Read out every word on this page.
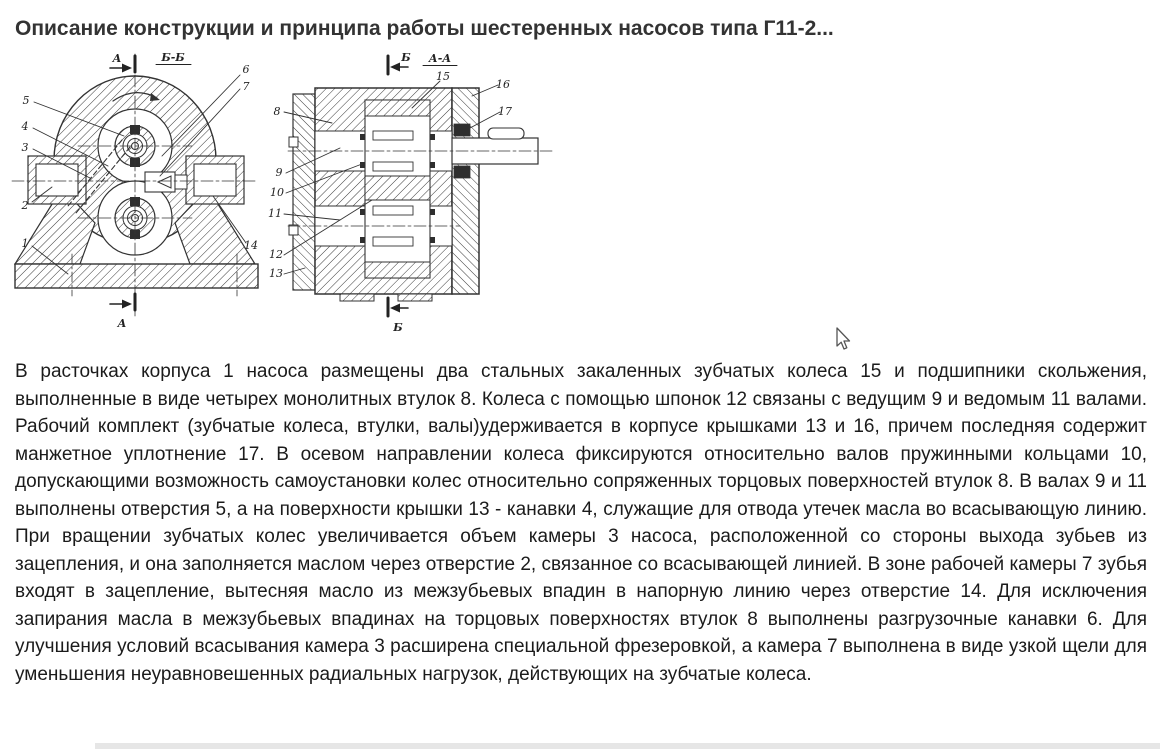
Описание конструкции и принципа работы шестеренных насосов типа Г11-2...
А
А
Б-Б
5
4
3
2
1
6
7
14
Б
Б
А-А
15
16
17
8
9
10
11
12
13

В расточках корпуса 1 насоса размещены два стальных закаленных зубчатых колеса 15 и подшипники скольжения, выполненные в виде четырех монолитных втулок 8. Колеса с помощью шпонок 12 связаны с ведущим 9 и ведомым 11 валами. Рабочий комплект (зубчатые колеса, втулки, валы)удерживается в корпусе крышками 13 и 16, причем последняя содержит манжетное уплотнение 17. В осевом направлении колеса фиксируются относительно валов пружинными кольцами 10, допускающими возможность самоустановки колес относительно сопряженных торцовых поверхностей втулок 8. В валах 9 и 11 выполнены отверстия 5, а на поверхности крышки 13 - канавки 4, служащие для отвода утечек масла во всасывающую линию. При вращении зубчатых колес увеличивается объем камеры 3 насоса, расположенной со стороны выхода зубьев из зацепления, и она заполняется маслом через отверстие 2, связанное со всасывающей линией. В зоне рабочей камеры 7 зубья входят в зацепление, вытесняя масло из межзубьевых впадин в напорную линию через отверстие 14. Для исключения запирания масла в межзубьевых впадинах на торцовых поверхностях втулок 8 выполнены разгрузочные канавки 6. Для улучшения условий всасывания камера 3 расширена специальной фрезеровкой, а камера 7 выполнена в виде узкой щели для уменьшения неуравновешенных радиальных нагрузок, действующих на зубчатые колеса.
